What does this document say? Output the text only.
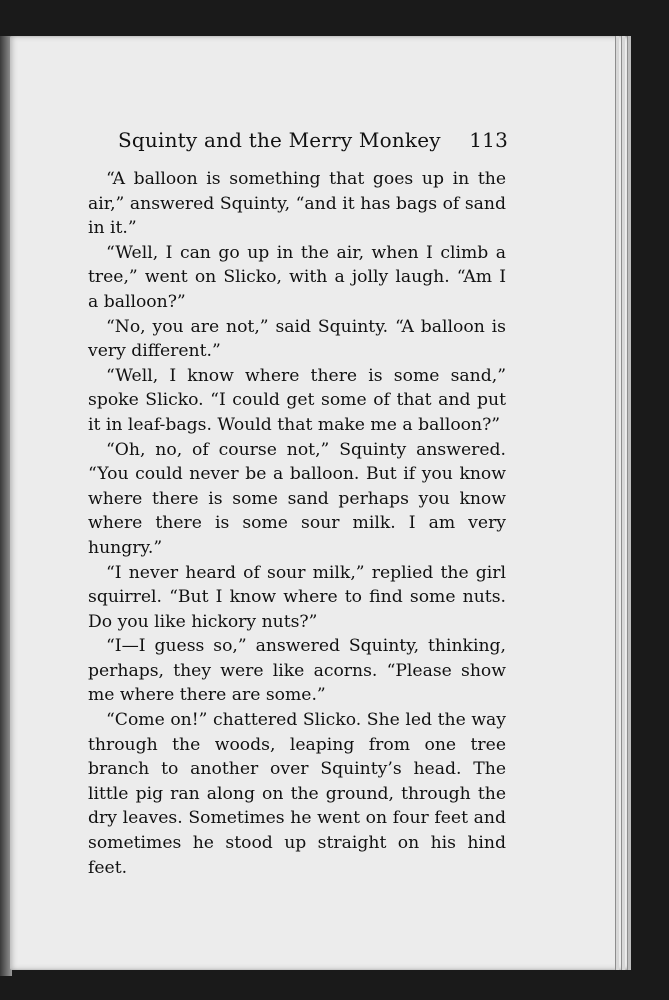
Squinty and the Merry Monkey 113

“A balloon is something that goes up in the air,” answered Squinty, “and it has bags of sand in it.”

“Well, I can go up in the air, when I climb a tree,” went on Slicko, with a jolly laugh. “Am I a balloon?”

“No, you are not,” said Squinty. “A balloon is very different.”

“Well, I know where there is some sand,” spoke Slicko. “I could get some of that and put it in leaf-bags. Would that make me a balloon?”

“Oh, no, of course not,” Squinty answered. “You could never be a balloon. But if you know where there is some sand perhaps you know where there is some sour milk. I am very hungry.”

“I never heard of sour milk,” replied the girl squirrel. “But I know where to find some nuts. Do you like hickory nuts?”

“I—I guess so,” answered Squinty, thinking, perhaps, they were like acorns. “Please show me where there are some.”

“Come on!” chattered Slicko. She led the way through the woods, leaping from one tree branch to another over Squinty’s head. The little pig ran along on the ground, through the dry leaves. Sometimes he went on four feet and sometimes he stood up straight on his hind feet.
